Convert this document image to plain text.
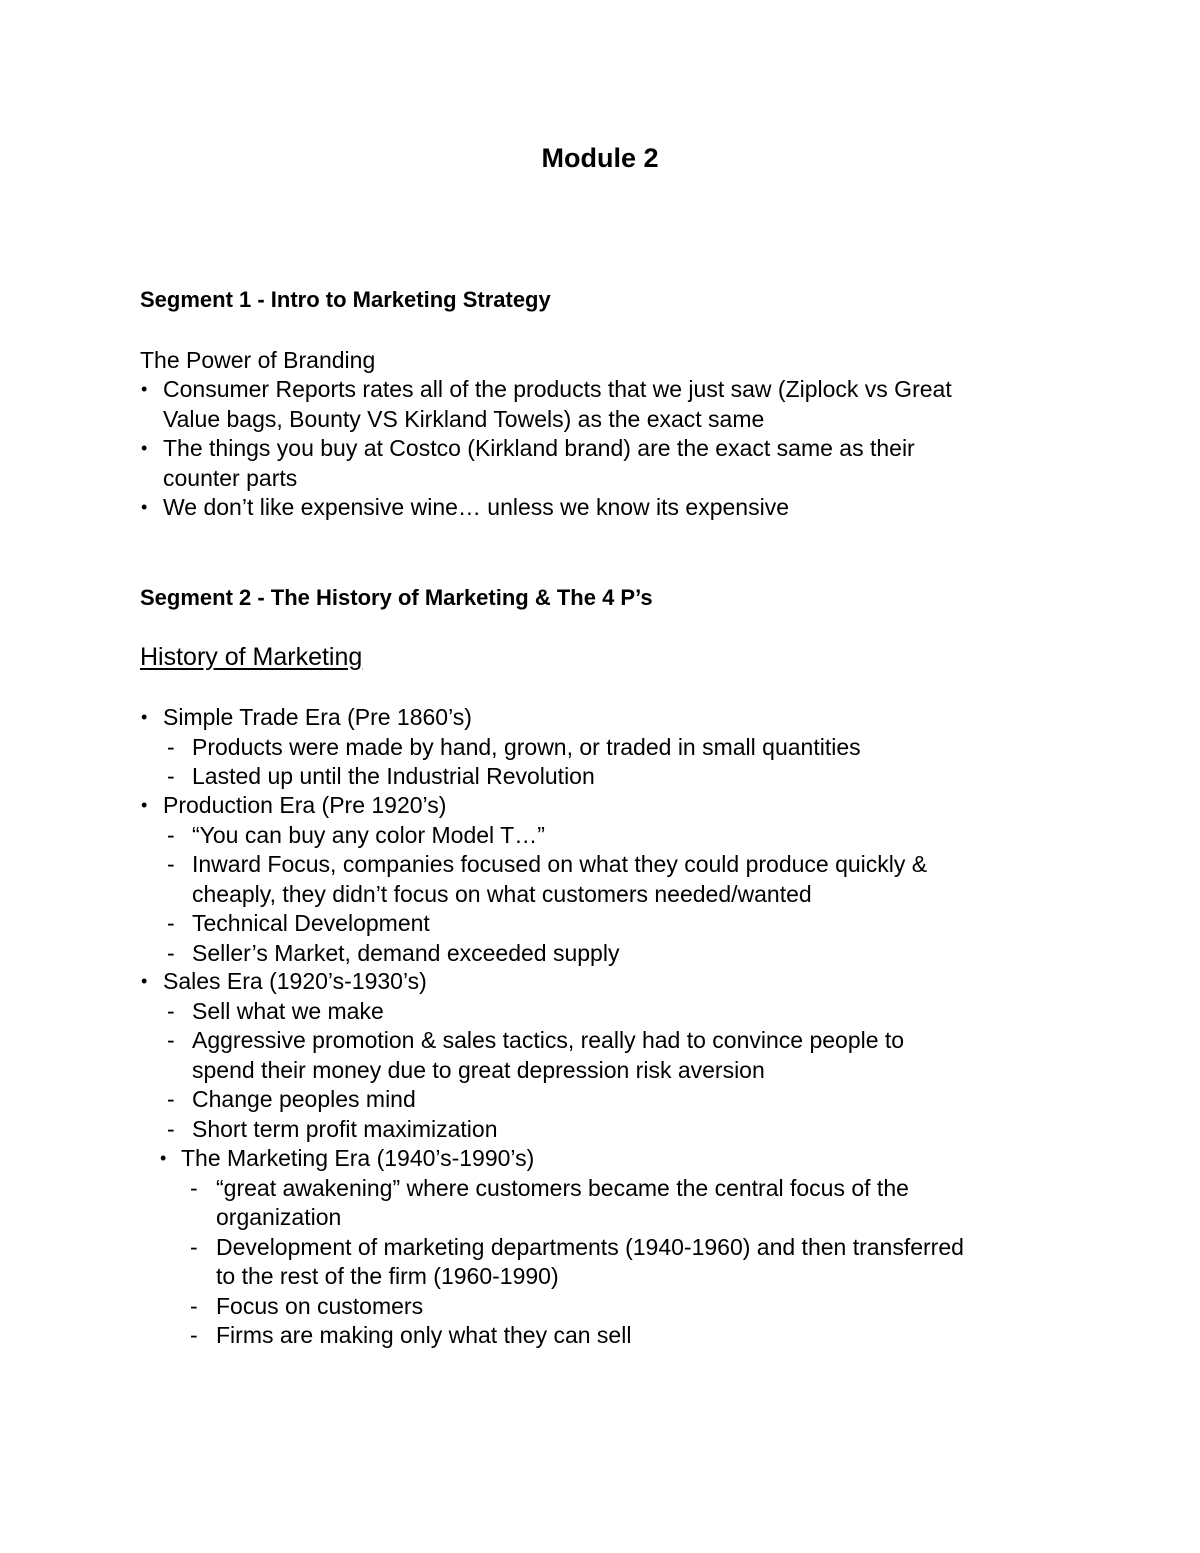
Module 2
Segment 1 - Intro to Marketing Strategy
The Power of Branding
• Consumer Reports rates all of the products that we just saw (Ziplock vs Great
Value bags, Bounty VS Kirkland Towels) as the exact same
• The things you buy at Costco (Kirkland brand) are the exact same as their
counter parts
• We don’t like expensive wine… unless we know its expensive
Segment 2 - The History of Marketing & The 4 P’s
History of Marketing
• Simple Trade Era (Pre 1860’s)
- Products were made by hand, grown, or traded in small quantities
- Lasted up until the Industrial Revolution
• Production Era (Pre 1920’s)
- “You can buy any color Model T…”
- Inward Focus, companies focused on what they could produce quickly &
cheaply, they didn’t focus on what customers needed/wanted
- Technical Development
- Seller’s Market, demand exceeded supply
• Sales Era (1920’s-1930’s)
- Sell what we make
- Aggressive promotion & sales tactics, really had to convince people to
spend their money due to great depression risk aversion
- Change peoples mind
- Short term profit maximization
• The Marketing Era (1940’s-1990’s)
- “great awakening” where customers became the central focus of the
organization
- Development of marketing departments (1940-1960) and then transferred
to the rest of the firm (1960-1990)
- Focus on customers
- Firms are making only what they can sell
